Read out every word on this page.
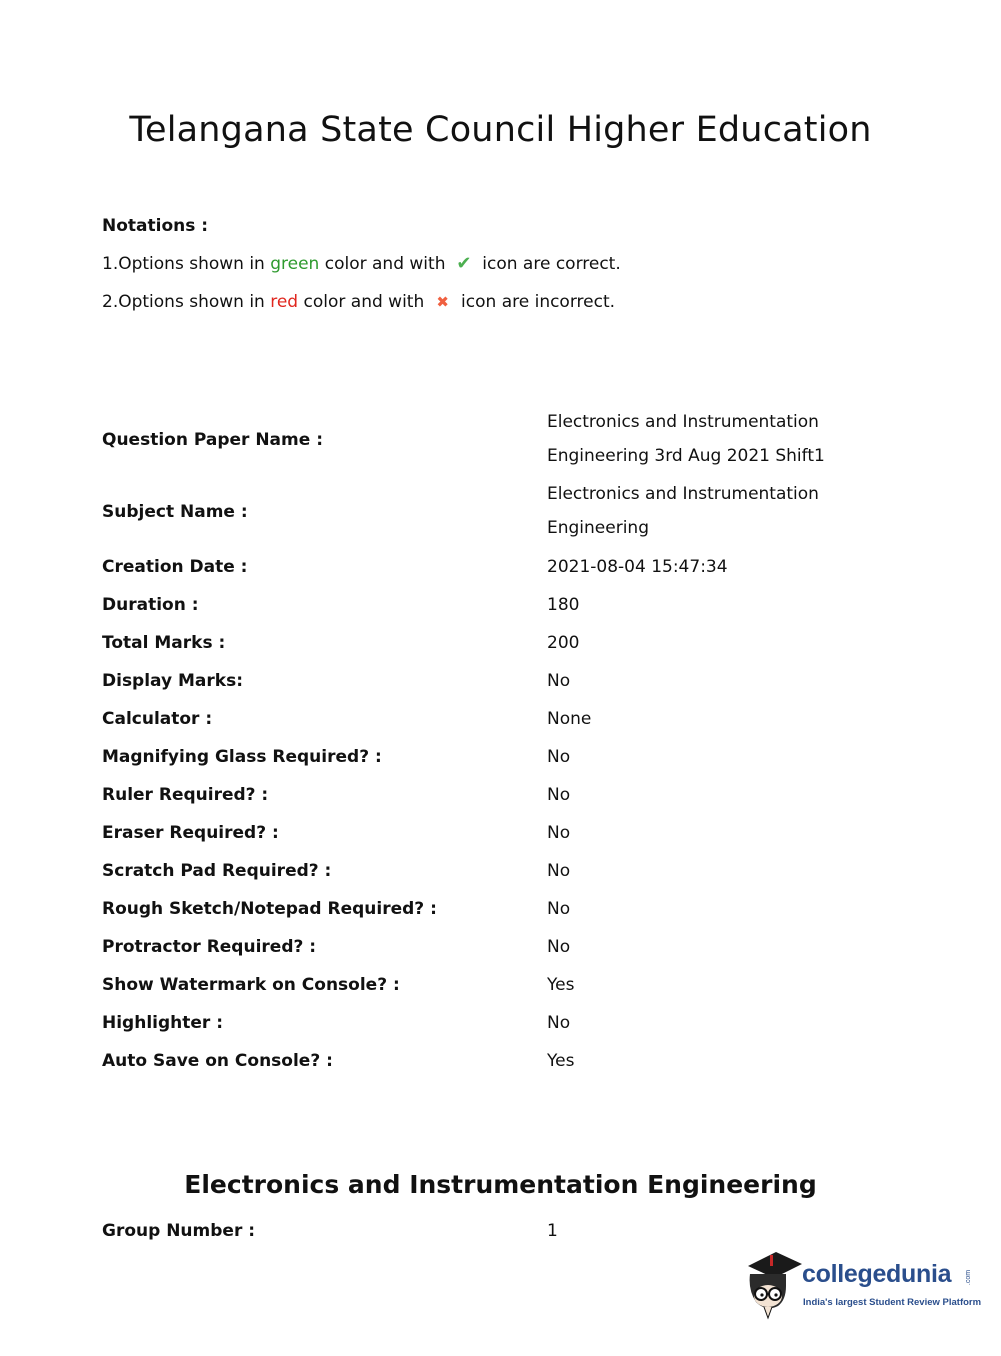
Telangana State Council Higher Education
Notations :
1.Options shown in green color and with ✔ icon are correct.
2.Options shown in red color and with ✖ icon are incorrect.
Question Paper Name :
Electronics and Instrumentation
Engineering 3rd Aug 2021 Shift1
Subject Name :
Electronics and Instrumentation
Engineering
Creation Date :	2021-08-04 15:47:34
Duration :	180
Total Marks :	200
Display Marks:	No
Calculator :	None
Magnifying Glass Required? :	No
Ruler Required? :	No
Eraser Required? :	No
Scratch Pad Required? :	No
Rough Sketch/Notepad Required? :	No
Protractor Required? :	No
Show Watermark on Console? :	Yes
Highlighter :	No
Auto Save on Console? :	Yes
Electronics and Instrumentation Engineering
Group Number :	1
collegedunia .com
India's largest Student Review Platform
